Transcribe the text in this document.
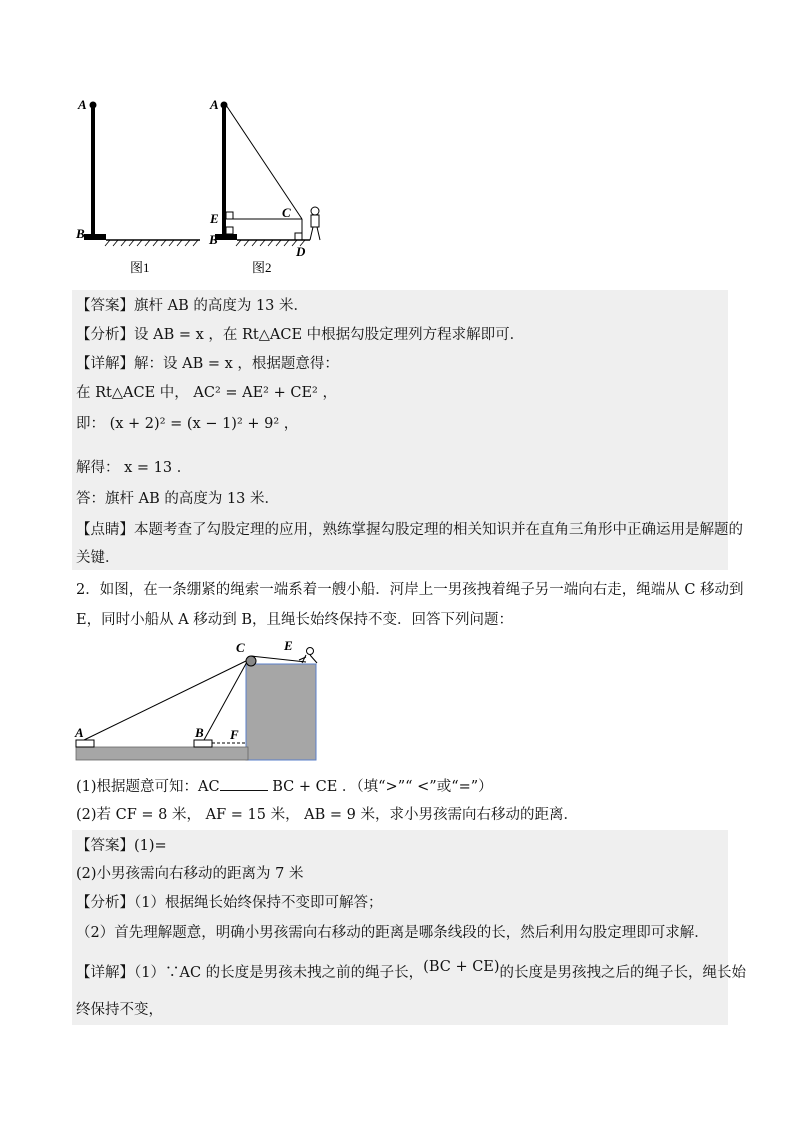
A
B
图1
A
E
B
C
D
图2
【答案】旗杆 AB 的高度为 13 米．
【分析】设 AB = x ，在 Rt△ACE 中根据勾股定理列方程求解即可．
【详解】解：设 AB = x ，根据题意得：
在 Rt△ACE 中， AC² = AE² + CE² ，
即： (x + 2)² = (x − 1)² + 9² ，
解得： x = 13 ．
答：旗杆 AB 的高度为 13 米．
【点睛】本题考查了勾股定理的应用，熟练掌握勾股定理的相关知识并在直角三角形中正确运用是解题的
关键．
2．如图，在一条绷紧的绳索一端系着一艘小船．河岸上一男孩拽着绳子另一端向右走，绳端从 C 移动到
E，同时小船从 A 移动到 B，且绳长始终保持不变．回答下列问题：
C	E
A	B F
(1)根据题意可知：AC	BC + CE ．（填“>”“ <”或“=”）
(2)若 CF = 8 米， AF = 15 米， AB = 9 米，求小男孩需向右移动的距离．
【答案】(1)=
(2)小男孩需向右移动的距离为 7 米
【分析】（1）根据绳长始终保持不变即可解答；
（2）首先理解题意，明确小男孩需向右移动的距离是哪条线段的长，然后利用勾股定理即可求解．
【详解】（1）∵AC 的长度是男孩未拽之前的绳子长，(BC + CE)的长度是男孩拽之后的绳子长，绳长始
终保持不变，
